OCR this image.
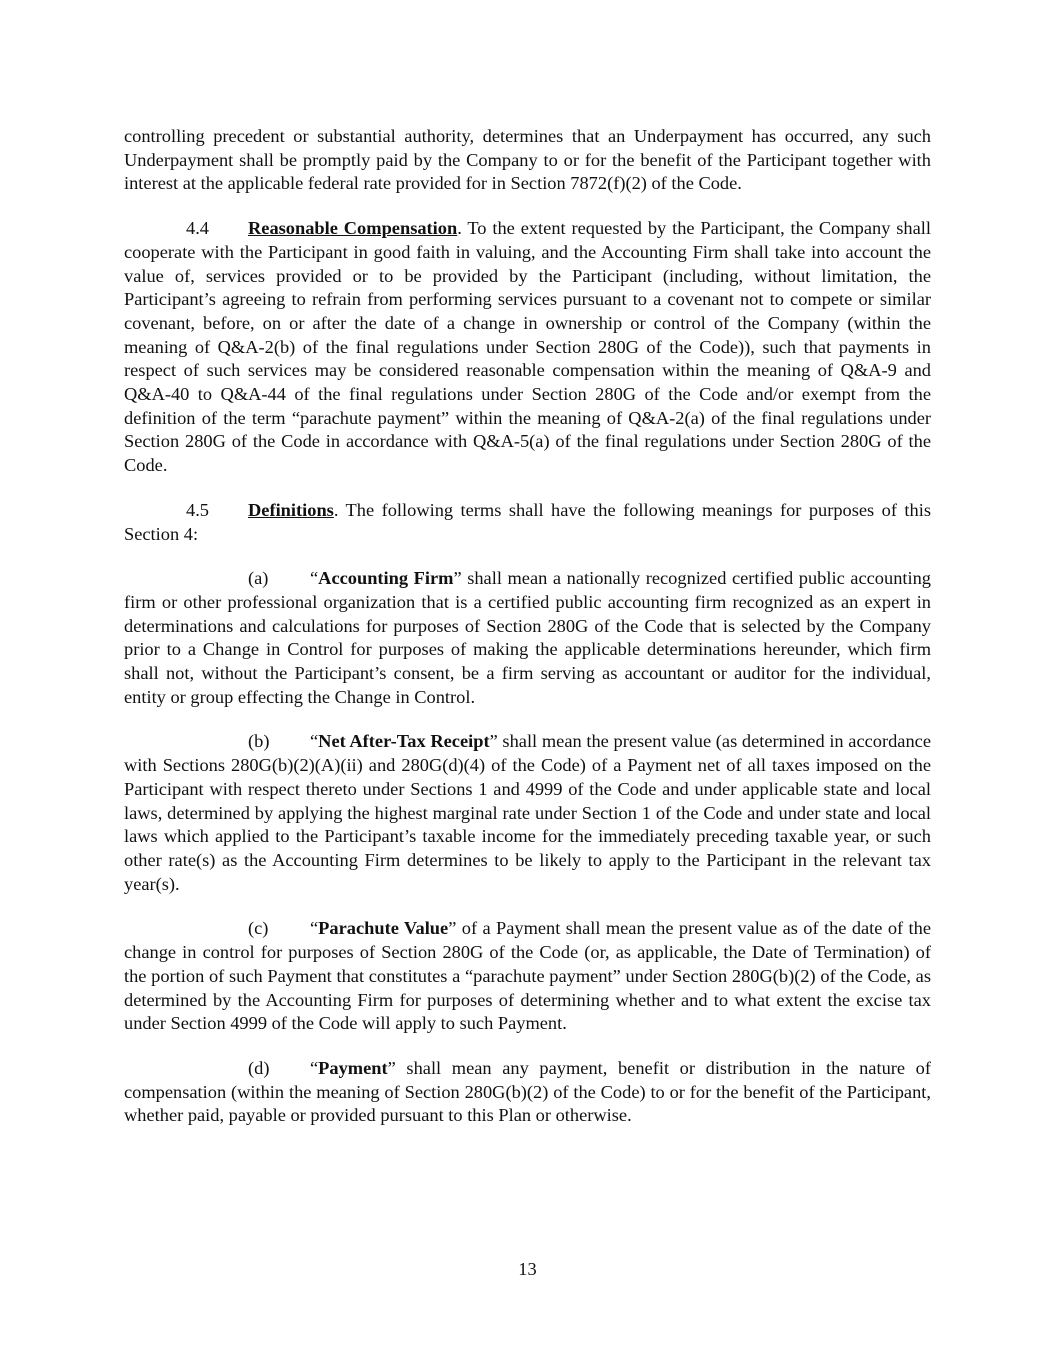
controlling precedent or substantial authority, determines that an Underpayment has occurred, any such Underpayment shall be promptly paid by the Company to or for the benefit of the Participant together with interest at the applicable federal rate provided for in Section 7872(f)(2) of the Code.

4.4 Reasonable Compensation. To the extent requested by the Participant, the Company shall cooperate with the Participant in good faith in valuing, and the Accounting Firm shall take into account the value of, services provided or to be provided by the Participant (including, without limitation, the Participant’s agreeing to refrain from performing services pursuant to a covenant not to compete or similar covenant, before, on or after the date of a change in ownership or control of the Company (within the meaning of Q&A-2(b) of the final regulations under Section 280G of the Code)), such that payments in respect of such services may be considered reasonable compensation within the meaning of Q&A-9 and Q&A-40 to Q&A-44 of the final regulations under Section 280G of the Code and/or exempt from the definition of the term “parachute payment” within the meaning of Q&A-2(a) of the final regulations under Section 280G of the Code in accordance with Q&A-5(a) of the final regulations under Section 280G of the Code.

4.5 Definitions. The following terms shall have the following meanings for purposes of this Section 4:

(a) “Accounting Firm” shall mean a nationally recognized certified public accounting firm or other professional organization that is a certified public accounting firm recognized as an expert in determinations and calculations for purposes of Section 280G of the Code that is selected by the Company prior to a Change in Control for purposes of making the applicable determinations hereunder, which firm shall not, without the Participant’s consent, be a firm serving as accountant or auditor for the individual, entity or group effecting the Change in Control.

(b) “Net After-Tax Receipt” shall mean the present value (as determined in accordance with Sections 280G(b)(2)(A)(ii) and 280G(d)(4) of the Code) of a Payment net of all taxes imposed on the Participant with respect thereto under Sections 1 and 4999 of the Code and under applicable state and local laws, determined by applying the highest marginal rate under Section 1 of the Code and under state and local laws which applied to the Participant’s taxable income for the immediately preceding taxable year, or such other rate(s) as the Accounting Firm determines to be likely to apply to the Participant in the relevant tax year(s).

(c) “Parachute Value” of a Payment shall mean the present value as of the date of the change in control for purposes of Section 280G of the Code (or, as applicable, the Date of Termination) of the portion of such Payment that constitutes a “parachute payment” under Section 280G(b)(2) of the Code, as determined by the Accounting Firm for purposes of determining whether and to what extent the excise tax under Section 4999 of the Code will apply to such Payment.

(d) “Payment” shall mean any payment, benefit or distribution in the nature of compensation (within the meaning of Section 280G(b)(2) of the Code) to or for the benefit of the Participant, whether paid, payable or provided pursuant to this Plan or otherwise.

13
